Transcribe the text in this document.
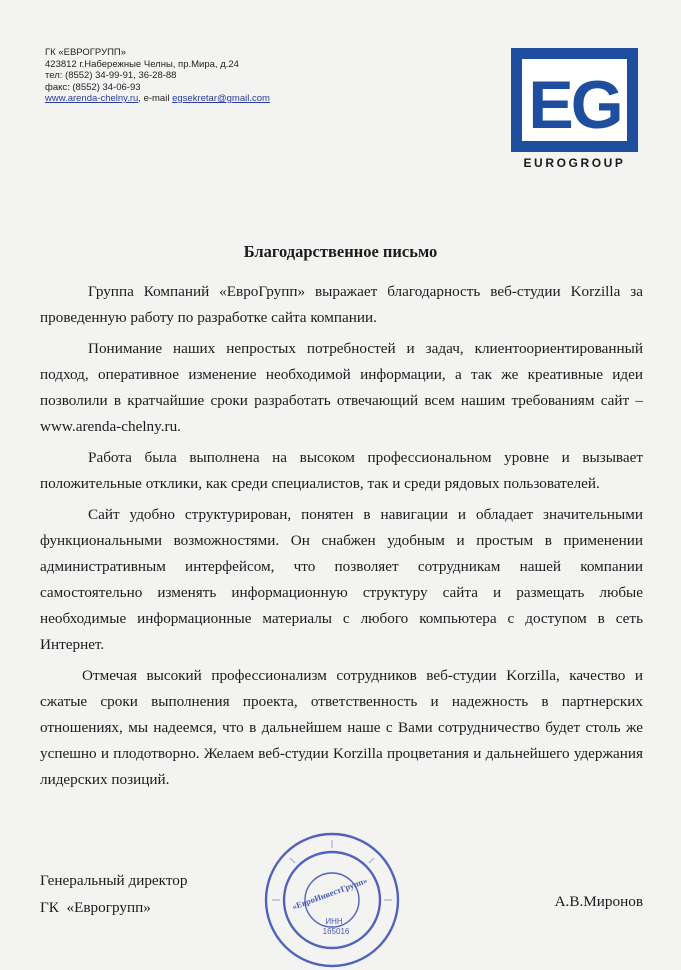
ГК «ЕВРОГРУПП»
423812 г.Набережные Челны, пр.Мира, д.24
тел: (8552) 34-99-91, 36-28-88
факс: (8552) 34-06-93
www.arenda-chelny.ru, e-mail egsekretar@gmail.com	EG
EUROGROUP
Благодарственное письмо

Группа Компаний «ЕвроГрупп» выражает благодарность веб-студии Korzilla за проведенную работу по разработке сайта компании.

Понимание наших непростых потребностей и задач, клиентоориентированный подход, оперативное изменение необходимой информации, а так же креативные идеи позволили в кратчайшие сроки разработать отвечающий всем нашим требованиям сайт – www.arenda-chelny.ru.

Работа была выполнена на высоком профессиональном уровне и вызывает положительные отклики, как среди специалистов, так и среди рядовых пользователей.

Сайт удобно структурирован, понятен в навигации и обладает значительными функциональными возможностями. Он снабжен удобным и простым в применении административным интерфейсом, что позволяет сотрудникам нашей компании самостоятельно изменять информационную структуру сайта и размещать любые необходимые информационные материалы с любого компьютера с доступом в сеть Интернет.

Отмечая высокий профессионализм сотрудников веб-студии Korzilla, качество и сжатые сроки выполнения проекта, ответственность и надежность в партнерских отношениях, мы надеемся, что в дальнейшем наше с Вами сотрудничество будет столь же успешно и плодотворно. Желаем веб-студии Korzilla процветания и дальнейшего удержания лидерских позиций.

«ЕвроИнвестГрупп»
ИНН
165016
Генеральный директор
ГК  «Еврогрупп»	А.В.Миронов
